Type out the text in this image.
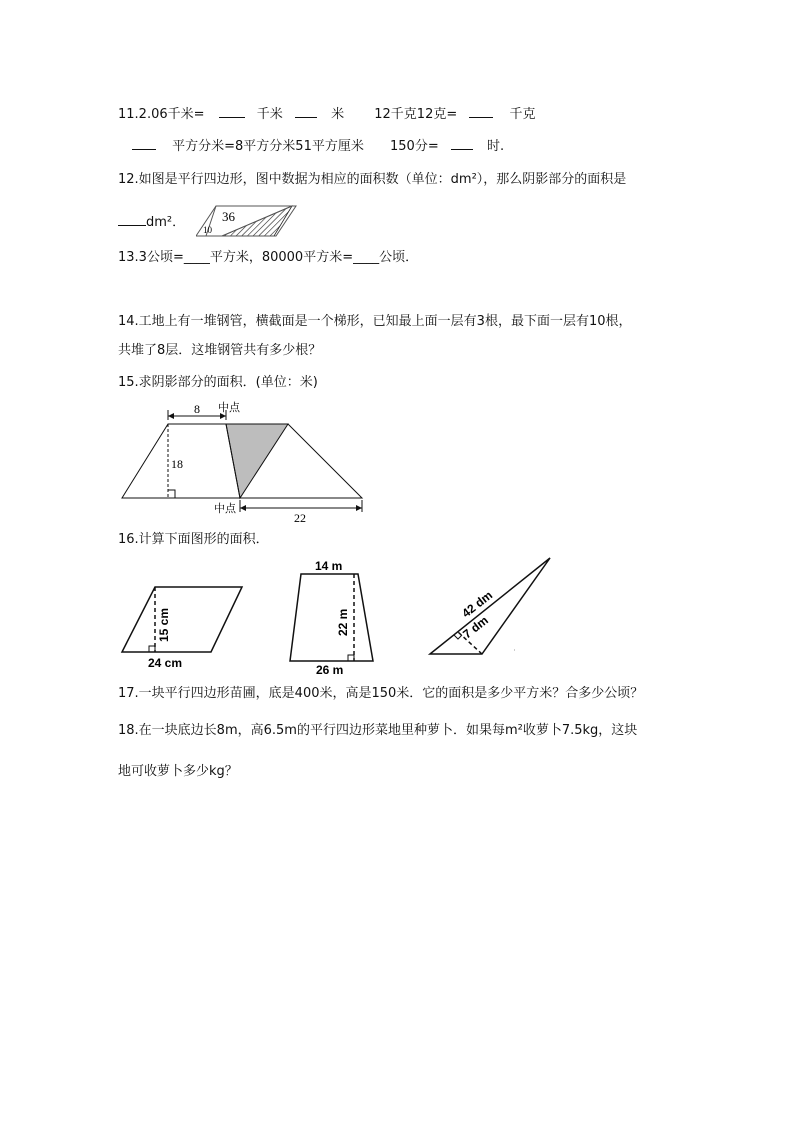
11.2.06千米=	千米	米 12千克12克=	千克
平方分米=8平方分米51平方厘米 150分=	时.
12.如图是平行四边形，图中数据为相应的面积数（单位：dm²），那么阴影部分的面积是
dm²．	36
10
13.3公顷=____平方米，80000平方米=____公顷．
14.工地上有一堆钢管，横截面是一个梯形，已知最上面一层有3根，最下面一层有10根，
共堆了8层．这堆钢管共有多少根？
15.求阴影部分的面积．(单位：米)
8 中点
18
中点
22
16.计算下面图形的面积．
15 cm
24 cm
14 m
22 m
26 m
42 dm
7 dm
17.一块平行四边形苗圃，底是400米，高是150米．它的面积是多少平方米？合多少公顷？
18.在一块底边长8m，高6.5m的平行四边形菜地里种萝卜．如果每m²收萝卜7.5kg，这块
地可收萝卜多少kg？
